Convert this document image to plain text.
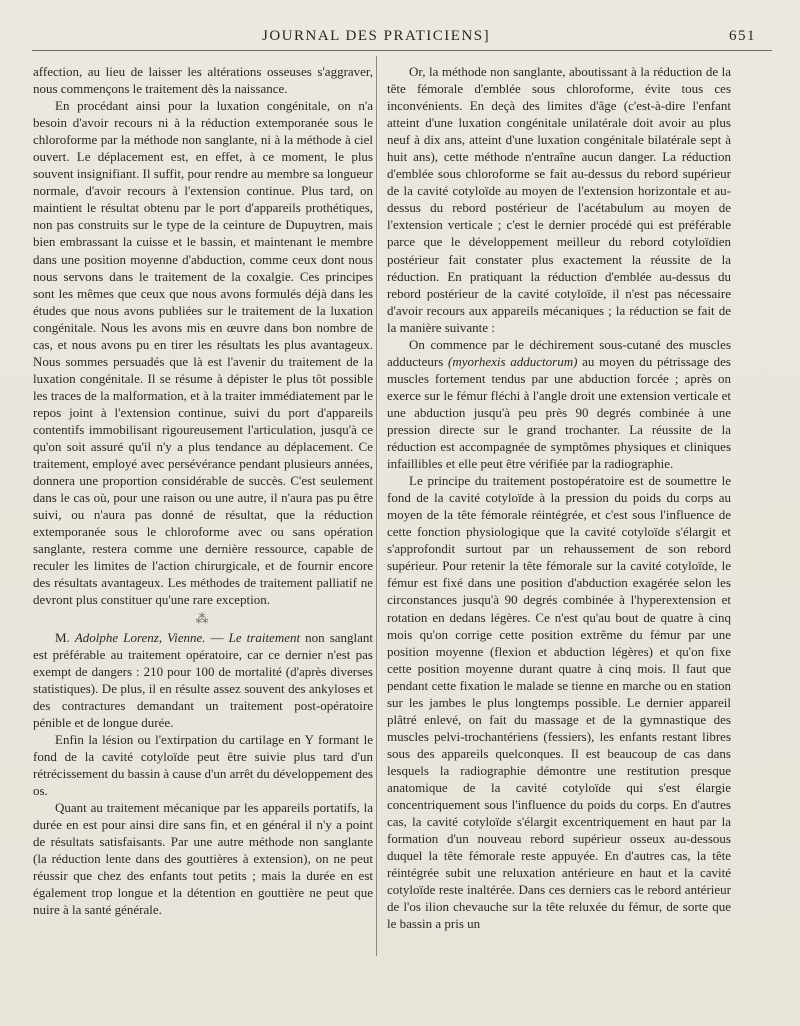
JOURNAL DES PRATICIENS]	651

affection, au lieu de laisser les altérations osseuses s'aggraver, nous commençons le traitement dès la naissance.

En procédant ainsi pour la luxation congénitale, on n'a besoin d'avoir recours ni à la réduction extemporanée sous le chloroforme par la méthode non sanglante, ni à la méthode à ciel ouvert. Le déplacement est, en effet, à ce moment, le plus souvent insignifiant. Il suffit, pour rendre au membre sa longueur normale, d'avoir recours à l'extension continue. Plus tard, on maintient le résultat obtenu par le port d'appareils prothétiques, non pas construits sur le type de la ceinture de Dupuytren, mais bien embrassant la cuisse et le bassin, et maintenant le membre dans une position moyenne d'abduction, comme ceux dont nous nous servons dans le traitement de la coxalgie. Ces principes sont les mêmes que ceux que nous avons formulés déjà dans les études que nous avons publiées sur le traitement de la luxation congénitale. Nous les avons mis en œuvre dans bon nombre de cas, et nous avons pu en tirer les résultats les plus avantageux. Nous sommes persuadés que là est l'avenir du traitement de la luxation congénitale. Il se résume à dépister le plus tôt possible les traces de la malformation, et à la traiter immédiatement par le repos joint à l'extension continue, suivi du port d'appareils contentifs immobilisant rigoureusement l'articulation, jusqu'à ce qu'on soit assuré qu'il n'y a plus tendance au déplacement. Ce traitement, employé avec persévérance pendant plusieurs années, donnera une proportion considérable de succès. C'est seulement dans le cas où, pour une raison ou une autre, il n'aura pas pu être suivi, ou n'aura pas donné de résultat, que la réduction extemporanée sous le chloroforme avec ou sans opération sanglante, restera comme une dernière ressource, capable de reculer les limites de l'action chirurgicale, et de fournir encore des résultats avantageux. Les méthodes de traitement palliatif ne devront plus constituer qu'une rare exception.

⁂

M. Adolphe Lorenz, Vienne. — Le traitement non sanglant est préférable au traitement opératoire, car ce dernier n'est pas exempt de dangers : 210 pour 100 de mortalité (d'après diverses statistiques). De plus, il en résulte assez souvent des ankyloses et des contractures demandant un traitement post-opératoire pénible et de longue durée.

Enfin la lésion ou l'extirpation du cartilage en Y formant le fond de la cavité cotyloïde peut être suivie plus tard d'un rétrécissement du bassin à cause d'un arrêt du développement des os.

Quant au traitement mécanique par les appareils portatifs, la durée en est pour ainsi dire sans fin, et en général il n'y a point de résultats satisfaisants. Par une autre méthode non sanglante (la réduction lente dans des gouttières à extension), on ne peut réussir que chez des enfants tout petits ; mais la durée en est également trop longue et la détention en gouttière ne peut que nuire à la santé générale.

Or, la méthode non sanglante, aboutissant à la réduction de la tête fémorale d'emblée sous chloroforme, évite tous ces inconvénients. En deçà des limites d'âge (c'est-à-dire l'enfant atteint d'une luxation congénitale unilatérale doit avoir au plus neuf à dix ans, atteint d'une luxation congénitale bilatérale sept à huit ans), cette méthode n'entraîne aucun danger. La réduction d'emblée sous chloroforme se fait au-dessus du rebord supérieur de la cavité cotyloïde au moyen de l'extension horizontale et au-dessus du rebord postérieur de l'acétabulum au moyen de l'extension verticale ; c'est le dernier procédé qui est préférable parce que le développement meilleur du rebord cotyloïdien postérieur fait constater plus exactement la réussite de la réduction. En pratiquant la réduction d'emblée au-dessus du rebord postérieur de la cavité cotyloïde, il n'est pas nécessaire d'avoir recours aux appareils mécaniques ; la réduction se fait de la manière suivante :

On commence par le déchirement sous-cutané des muscles adducteurs (myorhexis adductorum) au moyen du pétrissage des muscles fortement tendus par une abduction forcée ; après on exerce sur le fémur fléchi à l'angle droit une extension verticale et une abduction jusqu'à peu près 90 degrés combinée à une pression directe sur le grand trochanter. La réussite de la réduction est accompagnée de symptômes physiques et cliniques infaillibles et elle peut être vérifiée par la radiographie.

Le principe du traitement postopératoire est de soumettre le fond de la cavité cotyloïde à la pression du poids du corps au moyen de la tête fémorale réintégrée, et c'est sous l'influence de cette fonction physiologique que la cavité cotyloïde s'élargit et s'approfondit surtout par un rehaussement de son rebord supérieur. Pour retenir la tête fémorale sur la cavité cotyloïde, le fémur est fixé dans une position d'abduction exagérée selon les circonstances jusqu'à 90 degrés combinée à l'hyperextension et rotation en dedans légères. Ce n'est qu'au bout de quatre à cinq mois qu'on corrige cette position extrême du fémur par une position moyenne (flexion et abduction légères) et qu'on fixe cette position moyenne durant quatre à cinq mois. Il faut que pendant cette fixation le malade se tienne en marche ou en station sur les jambes le plus longtemps possible. Le dernier appareil plâtré enlevé, on fait du massage et de la gymnastique des muscles pelvi-trochantériens (fessiers), les enfants restant libres sous des appareils quelconques. Il est beaucoup de cas dans lesquels la radiographie démontre une restitution presque anatomique de la cavité cotyloïde qui s'est élargie concentriquement sous l'influence du poids du corps. En d'autres cas, la cavité cotyloïde s'élargit excentriquement en haut par la formation d'un nouveau rebord supérieur osseux au-dessous duquel la tête fémorale reste appuyée. En d'autres cas, la tête réintégrée subit une reluxation antérieure en haut et la cavité cotyloïde reste inaltérée. Dans ces derniers cas le rebord antérieur de l'os ilion chevauche sur la tête reluxée du fémur, de sorte que le bassin a pris un
